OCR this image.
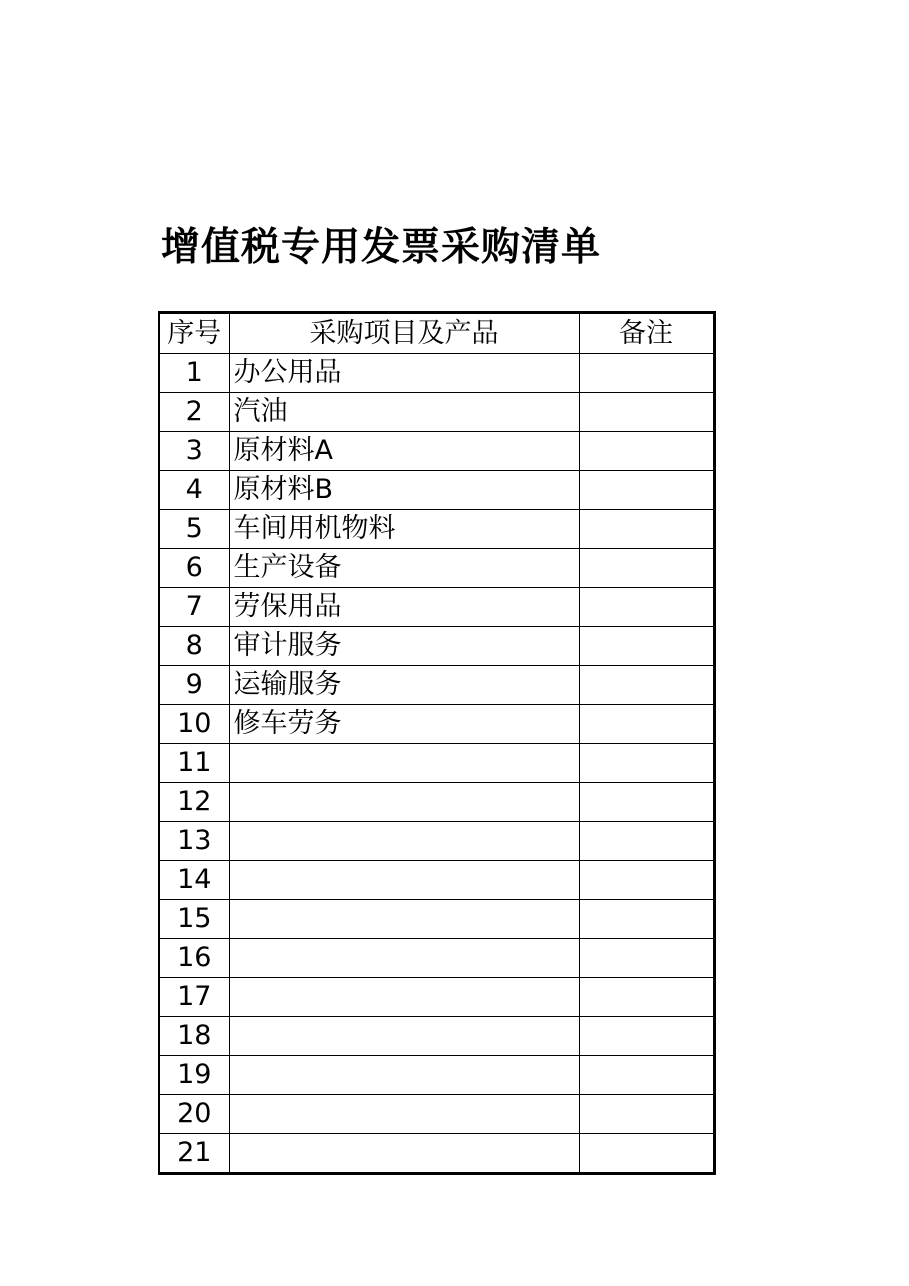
增值税专用发票采购清单
序号	采购项目及产品	备注
1	办公用品	
2	汽油	
3	原材料A	
4	原材料B	
5	车间用机物料	
6	生产设备	
7	劳保用品	
8	审计服务	
9	运输服务	
10	修车劳务	
11		
12		
13		
14		
15		
16		
17		
18		
19		
20		
21		
